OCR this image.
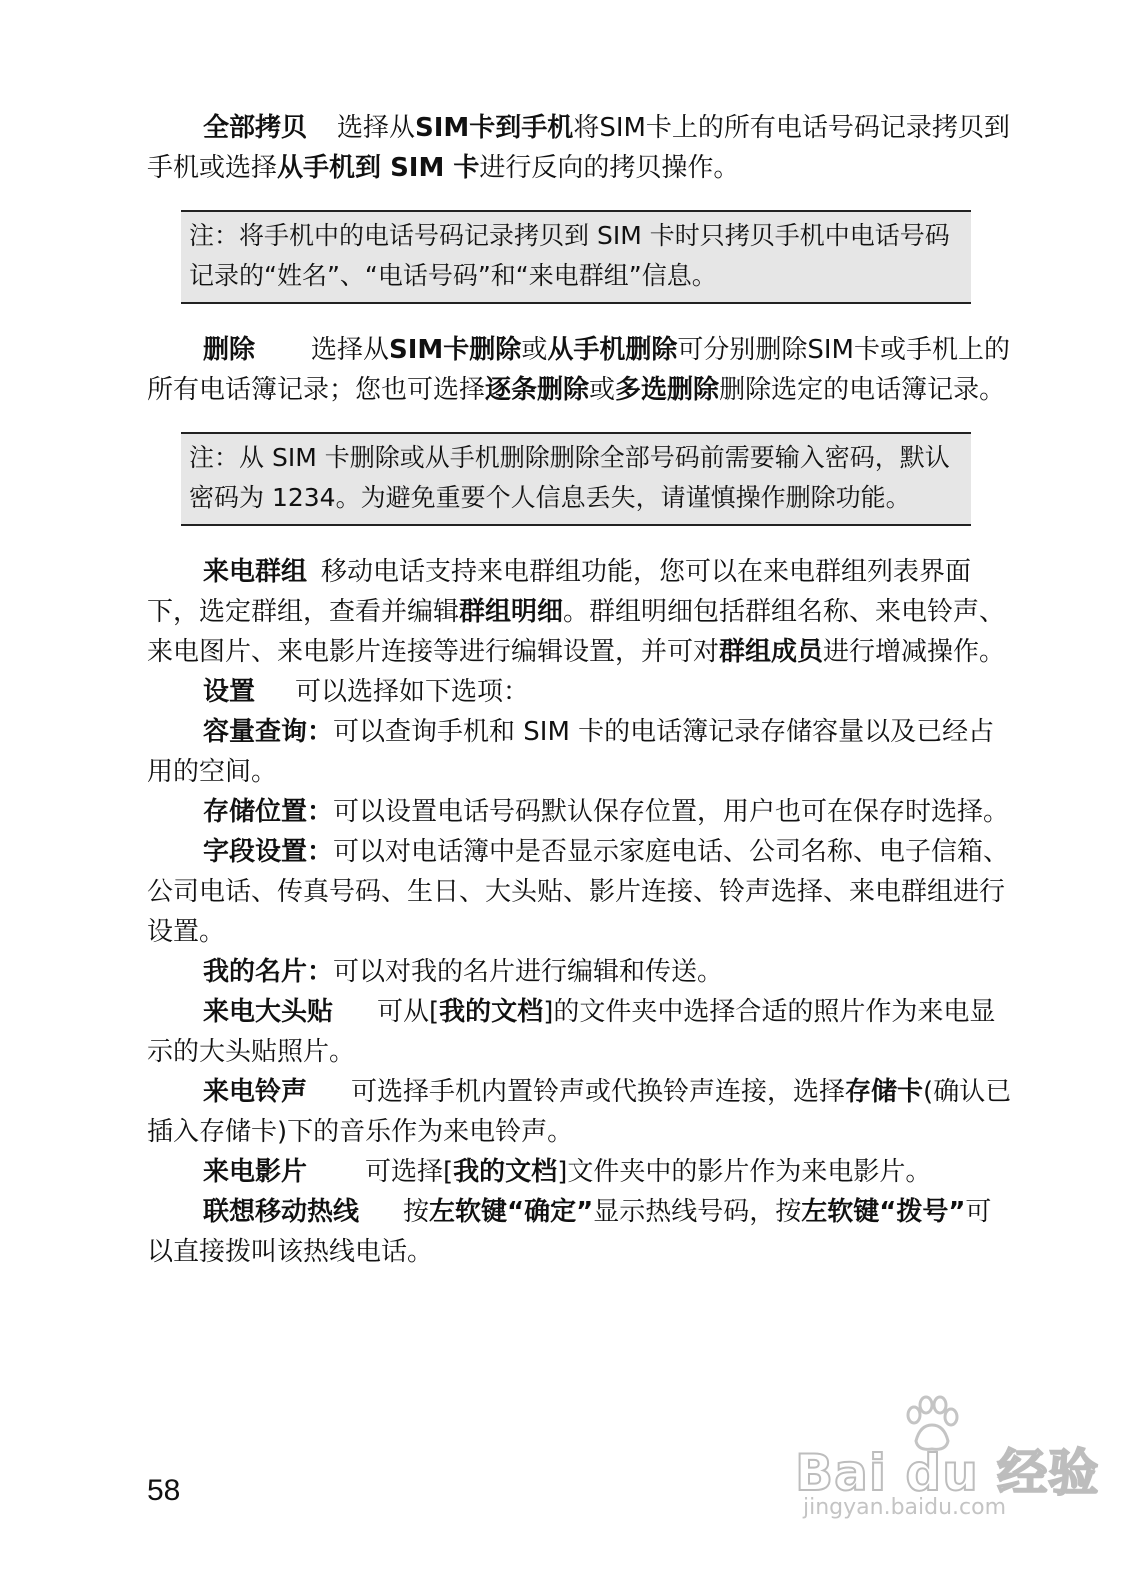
全部拷贝 选择从SIM卡到手机将SIM卡上的所有电话号码记录拷贝到手机或选择从手机到 SIM 卡进行反向的拷贝操作。

注：将手机中的电话号码记录拷贝到 SIM 卡时只拷贝手机中电话号码记录的“姓名”、“电话号码”和“来电群组”信息。

删除 选择从SIM卡删除或从手机删除可分别删除SIM卡或手机上的所有电话簿记录；您也可选择逐条删除或多选删除删除选定的电话簿记录。

注：从 SIM 卡删除或从手机删除删除全部号码前需要输入密码，默认密码为 1234。为避免重要个人信息丢失，请谨慎操作删除功能。

来电群组 移动电话支持来电群组功能，您可以在来电群组列表界面下，选定群组，查看并编辑群组明细。群组明细包括群组名称、来电铃声、来电图片、来电影片连接等进行编辑设置，并可对群组成员进行增减操作。

设置 可以选择如下选项：

容量查询：可以查询手机和 SIM 卡的电话簿记录存储容量以及已经占用的空间。

存储位置：可以设置电话号码默认保存位置，用户也可在保存时选择。

字段设置：可以对电话簿中是否显示家庭电话、公司名称、电子信箱、公司电话、传真号码、生日、大头贴、影片连接、铃声选择、来电群组进行设置。

我的名片：可以对我的名片进行编辑和传送。

来电大头贴 可从[我的文档]的文件夹中选择合适的照片作为来电显示的大头贴照片。

来电铃声 可选择手机内置铃声或代换铃声连接，选择存储卡(确认已插入存储卡)下的音乐作为来电铃声。

来电影片 可选择[我的文档]文件夹中的影片作为来电影片。

联想移动热线 按左软键“确定”显示热线号码，按左软键“拨号”可以直接拨叫该热线电话。

58	Bai du 经验
jingyan.baidu.com
